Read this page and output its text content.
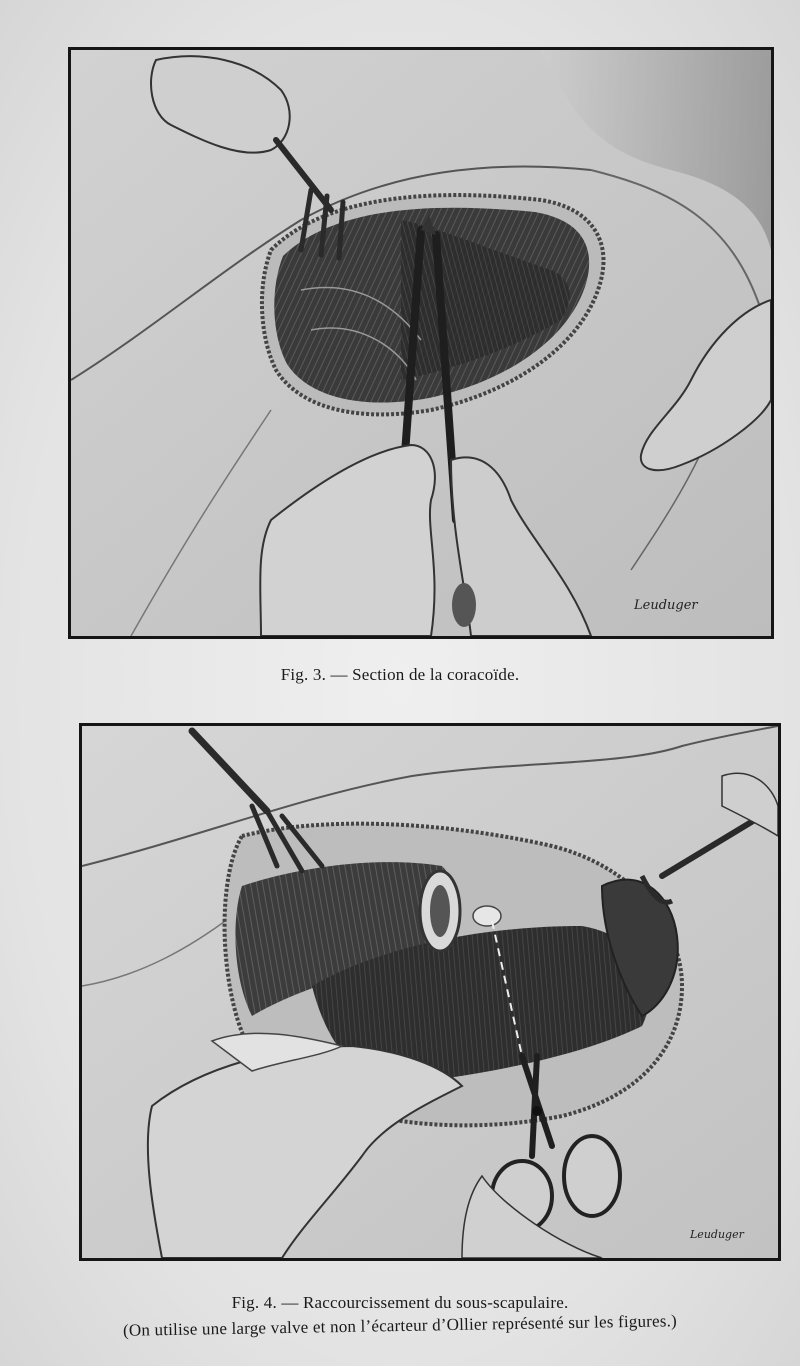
Leuduger
Fig. 3. — Section de la coracoïde.
Leuduger
Fig. 4. — Raccourcissement du sous-scapulaire.
(On utilise une large valve et non l’écarteur d’Ollier représenté sur les figures.)
